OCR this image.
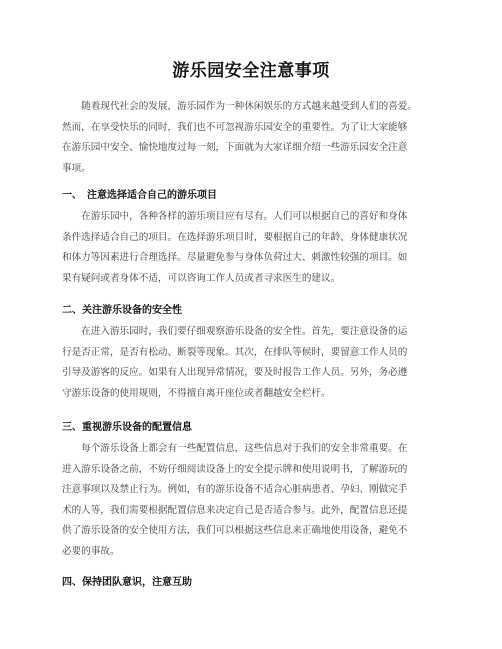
游乐园安全注意事项
　　随着现代社会的发展，游乐园作为一种休闲娱乐的方式越来越受到人们的喜爱。
然而，在享受快乐的同时，我们也不可忽视游乐园安全的重要性。为了让大家能够
在游乐园中安全、愉快地度过每一刻，下面就为大家详细介绍一些游乐园安全注意
事项。
一、　注意选择适合自己的游乐项目
　　在游乐园中，各种各样的游乐项目应有尽有。人们可以根据自己的喜好和身体
条件选择适合自己的项目。在选择游乐项目时，要根据自己的年龄、身体健康状况
和体力等因素进行合理选择。尽量避免参与身体负荷过大、刺激性较强的项目。如
果有疑问或者身体不适，可以咨询工作人员或者寻求医生的建议。
二、关注游乐设备的安全性
　　在进入游乐园时，我们要仔细观察游乐设备的安全性。首先，要注意设备的运
行是否正常，是否有松动、断裂等现象。其次，在排队等候时，要留意工作人员的
引导及游客的反应。如果有人出现异常情况，要及时报告工作人员。另外，务必遵
守游乐设备的使用规则，不得擅自离开座位或者翻越安全栏杆。
三、重视游乐设备的配置信息
　　每个游乐设备上都会有一些配置信息，这些信息对于我们的安全非常重要。在
进入游乐设备之前，不妨仔细阅读设备上的安全提示牌和使用说明书，了解游玩的
注意事项以及禁止行为。例如，有的游乐设备不适合心脏病患者、孕妇、刚做完手
术的人等，我们需要根据配置信息来决定自己是否适合参与。此外，配置信息还提
供了游乐设备的安全使用方法，我们可以根据这些信息来正确地使用设备，避免不
必要的事故。
四、保持团队意识，注意互助
